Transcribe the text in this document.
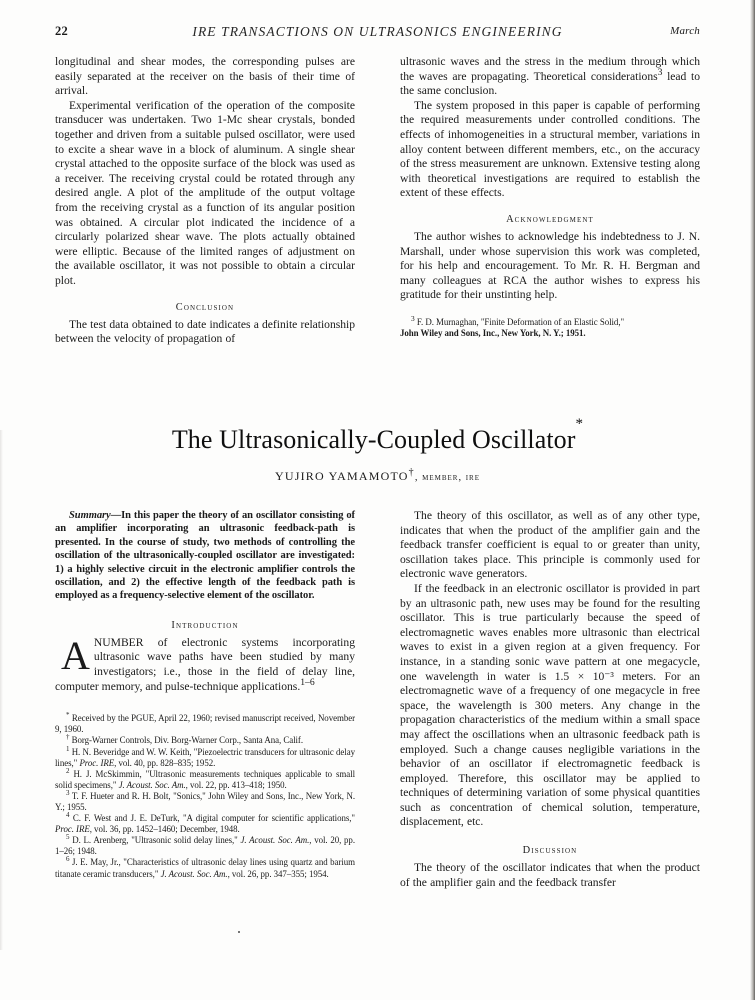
22	IRE TRANSACTIONS ON ULTRASONICS ENGINEERING	March

longitudinal and shear modes, the corresponding pulses are easily separated at the receiver on the basis of their time of arrival.

Experimental verification of the operation of the composite transducer was undertaken. Two 1-Mc shear crystals, bonded together and driven from a suitable pulsed oscillator, were used to excite a shear wave in a block of aluminum. A single shear crystal attached to the opposite surface of the block was used as a receiver. The receiving crystal could be rotated through any desired angle. A plot of the amplitude of the output voltage from the receiving crystal as a function of its angular position was obtained. A circular plot indicated the incidence of a circularly polarized shear wave. The plots actually obtained were elliptic. Because of the limited ranges of adjustment on the available oscillator, it was not possible to obtain a circular plot.

Conclusion

The test data obtained to date indicates a definite relationship between the velocity of propagation of

ultrasonic waves and the stress in the medium through which the waves are propagating. Theoretical considerations$^3$ lead to the same conclusion.

The system proposed in this paper is capable of performing the required measurements under controlled conditions. The effects of inhomogeneities in a structural member, variations in alloy content between different members, etc., on the accuracy of the stress measurement are unknown. Extensive testing along with theoretical investigations are required to establish the extent of these effects.

Acknowledgment

The author wishes to acknowledge his indebtedness to J. N. Marshall, under whose supervision this work was completed, for his help and encouragement. To Mr. R. H. Bergman and many colleagues at RCA the author wishes to express his gratitude for their unstinting help.

$^3$ F. D. Murnaghan, "Finite Deformation of an Elastic Solid,"
John Wiley and Sons, Inc., New York, N. Y.; 1951.

The Ultrasonically-Coupled Oscillator*
YUJIRO YAMAMOTO†, member, ire

Summary—In this paper the theory of an oscillator consisting of an amplifier incorporating an ultrasonic feedback-path is presented. In the course of study, two methods of controlling the oscillation of the ultrasonically-coupled oscillator are investigated: 1) a highly selective circuit in the electronic amplifier controls the oscillation, and 2) the effective length of the feedback path is employed as a frequency-selective element of the oscillator.

Introduction

ANUMBER of electronic systems incorporating ultrasonic wave paths have been studied by many investigators; i.e., those in the field of delay line, computer memory, and pulse-technique applications.$^{1-6}$

* Received by the PGUE, April 22, 1960; revised manuscript received, November 9, 1960.

† Borg-Warner Controls, Div. Borg-Warner Corp., Santa Ana, Calif.

$^1$ H. N. Beveridge and W. W. Keith, "Piezoelectric transducers for ultrasonic delay lines," Proc. IRE, vol. 40, pp. 828–835; 1952.

$^2$ H. J. McSkimmin, "Ultrasonic measurements techniques applicable to small solid specimens," J. Acoust. Soc. Am., vol. 22, pp. 413–418; 1950.

$^3$ T. F. Hueter and R. H. Bolt, "Sonics," John Wiley and Sons, Inc., New York, N. Y.; 1955.

$^4$ C. F. West and J. E. DeTurk, "A digital computer for scientific applications," Proc. IRE, vol. 36, pp. 1452–1460; December, 1948.

$^5$ D. L. Arenberg, "Ultrasonic solid delay lines," J. Acoust. Soc. Am., vol. 20, pp. 1–26; 1948.

$^6$ J. E. May, Jr., "Characteristics of ultrasonic delay lines using quartz and barium titanate ceramic transducers," J. Acoust. Soc. Am., vol. 26, pp. 347–355; 1954.

The theory of this oscillator, as well as of any other type, indicates that when the product of the amplifier gain and the feedback transfer coefficient is equal to or greater than unity, oscillation takes place. This principle is commonly used for electronic wave generators.

If the feedback in an electronic oscillator is provided in part by an ultrasonic path, new uses may be found for the resulting oscillator. This is true particularly because the speed of electromagnetic waves enables more ultrasonic than electrical waves to exist in a given region at a given frequency. For instance, in a standing sonic wave pattern at one megacycle, one wavelength in water is 1.5 × 10⁻³ meters. For an electromagnetic wave of a frequency of one megacycle in free space, the wavelength is 300 meters. Any change in the propagation characteristics of the medium within a small space may affect the oscillations when an ultrasonic feedback path is employed. Such a change causes negligible variations in the behavior of an oscillator if electromagnetic feedback is employed. Therefore, this oscillator may be applied to techniques of determining variation of some physical quantities such as concentration of chemical solution, temperature, displacement, etc.

Discussion

The theory of the oscillator indicates that when the product of the amplifier gain and the feedback transfer
